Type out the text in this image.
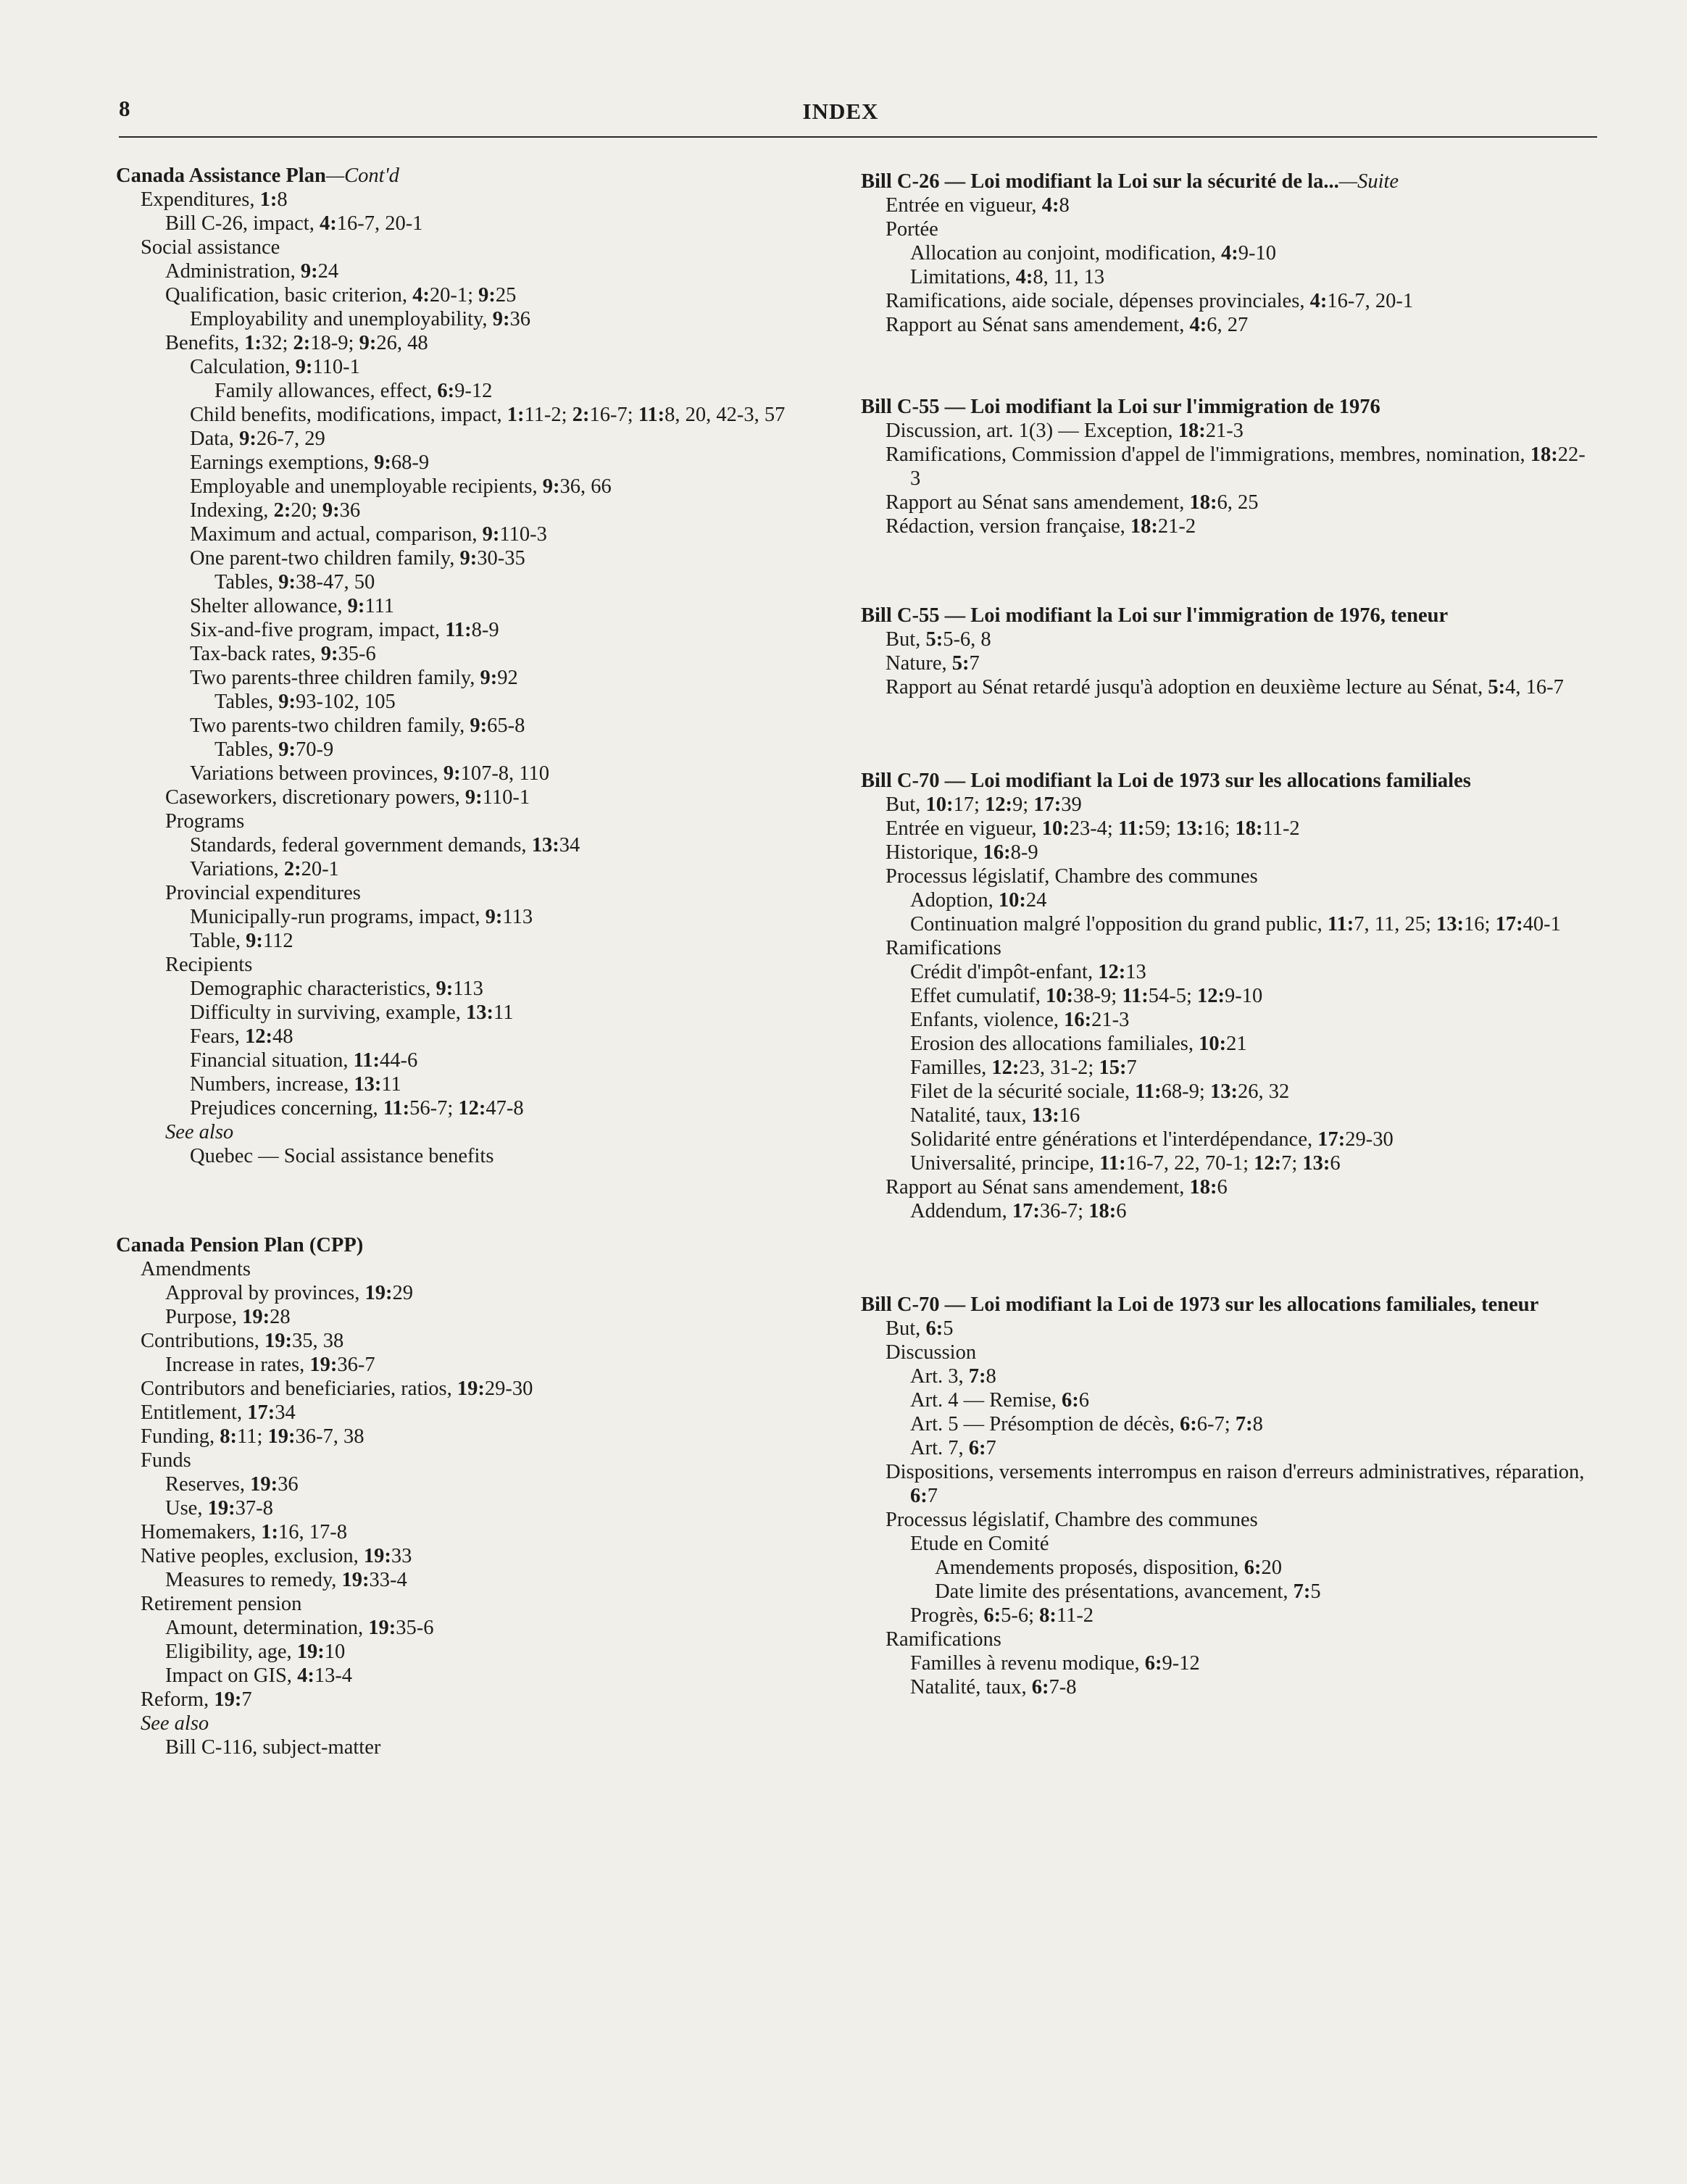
8	INDEX
Canada Assistance Plan—Cont'd
Expenditures, 1:8
Bill C-26, impact, 4:16-7, 20-1
Social assistance
Administration, 9:24
Qualification, basic criterion, 4:20-1; 9:25
Employability and unemployability, 9:36
Benefits, 1:32; 2:18-9; 9:26, 48
Calculation, 9:110-1
Family allowances, effect, 6:9-12
Child benefits, modifications, impact, 1:11-2; 2:16-7; 11:8, 20, 42-3, 57
Data, 9:26-7, 29
Earnings exemptions, 9:68-9
Employable and unemployable recipients, 9:36, 66
Indexing, 2:20; 9:36
Maximum and actual, comparison, 9:110-3
One parent-two children family, 9:30-35
Tables, 9:38-47, 50
Shelter allowance, 9:111
Six-and-five program, impact, 11:8-9
Tax-back rates, 9:35-6
Two parents-three children family, 9:92
Tables, 9:93-102, 105
Two parents-two children family, 9:65-8
Tables, 9:70-9
Variations between provinces, 9:107-8, 110
Caseworkers, discretionary powers, 9:110-1
Programs
Standards, federal government demands, 13:34
Variations, 2:20-1
Provincial expenditures
Municipally-run programs, impact, 9:113
Table, 9:112
Recipients
Demographic characteristics, 9:113
Difficulty in surviving, example, 13:11
Fears, 12:48
Financial situation, 11:44-6
Numbers, increase, 13:11
Prejudices concerning, 11:56-7; 12:47-8
See also
Quebec — Social assistance benefits
Canada Pension Plan (CPP)
Amendments
Approval by provinces, 19:29
Purpose, 19:28
Contributions, 19:35, 38
Increase in rates, 19:36-7
Contributors and beneficiaries, ratios, 19:29-30
Entitlement, 17:34
Funding, 8:11; 19:36-7, 38
Funds
Reserves, 19:36
Use, 19:37-8
Homemakers, 1:16, 17-8
Native peoples, exclusion, 19:33
Measures to remedy, 19:33-4
Retirement pension
Amount, determination, 19:35-6
Eligibility, age, 19:10
Impact on GIS, 4:13-4
Reform, 19:7
See also
Bill C-116, subject-matter
Bill C-26 — Loi modifiant la Loi sur la sécurité de la...—Suite
Entrée en vigueur, 4:8
Portée
Allocation au conjoint, modification, 4:9-10
Limitations, 4:8, 11, 13
Ramifications, aide sociale, dépenses provinciales, 4:16-7, 20-1
Rapport au Sénat sans amendement, 4:6, 27
Bill C-55 — Loi modifiant la Loi sur l'immigration de 1976
Discussion, art. 1(3) — Exception, 18:21-3
Ramifications, Commission d'appel de l'immigrations, membres, nomination, 18:22-3
Rapport au Sénat sans amendement, 18:6, 25
Rédaction, version française, 18:21-2
Bill C-55 — Loi modifiant la Loi sur l'immigration de 1976, teneur
But, 5:5-6, 8
Nature, 5:7
Rapport au Sénat retardé jusqu'à adoption en deuxième lecture au Sénat, 5:4, 16-7
Bill C-70 — Loi modifiant la Loi de 1973 sur les allocations familiales
But, 10:17; 12:9; 17:39
Entrée en vigueur, 10:23-4; 11:59; 13:16; 18:11-2
Historique, 16:8-9
Processus législatif, Chambre des communes
Adoption, 10:24
Continuation malgré l'opposition du grand public, 11:7, 11, 25; 13:16; 17:40-1
Ramifications
Crédit d'impôt-enfant, 12:13
Effet cumulatif, 10:38-9; 11:54-5; 12:9-10
Enfants, violence, 16:21-3
Erosion des allocations familiales, 10:21
Familles, 12:23, 31-2; 15:7
Filet de la sécurité sociale, 11:68-9; 13:26, 32
Natalité, taux, 13:16
Solidarité entre générations et l'interdépendance, 17:29-30
Universalité, principe, 11:16-7, 22, 70-1; 12:7; 13:6
Rapport au Sénat sans amendement, 18:6
Addendum, 17:36-7; 18:6
Bill C-70 — Loi modifiant la Loi de 1973 sur les allocations familiales, teneur
But, 6:5
Discussion
Art. 3, 7:8
Art. 4 — Remise, 6:6
Art. 5 — Présomption de décès, 6:6-7; 7:8
Art. 7, 6:7
Dispositions, versements interrompus en raison d'erreurs administratives, réparation, 6:7
Processus législatif, Chambre des communes
Etude en Comité
Amendements proposés, disposition, 6:20
Date limite des présentations, avancement, 7:5
Progrès, 6:5-6; 8:11-2
Ramifications
Familles à revenu modique, 6:9-12
Natalité, taux, 6:7-8
